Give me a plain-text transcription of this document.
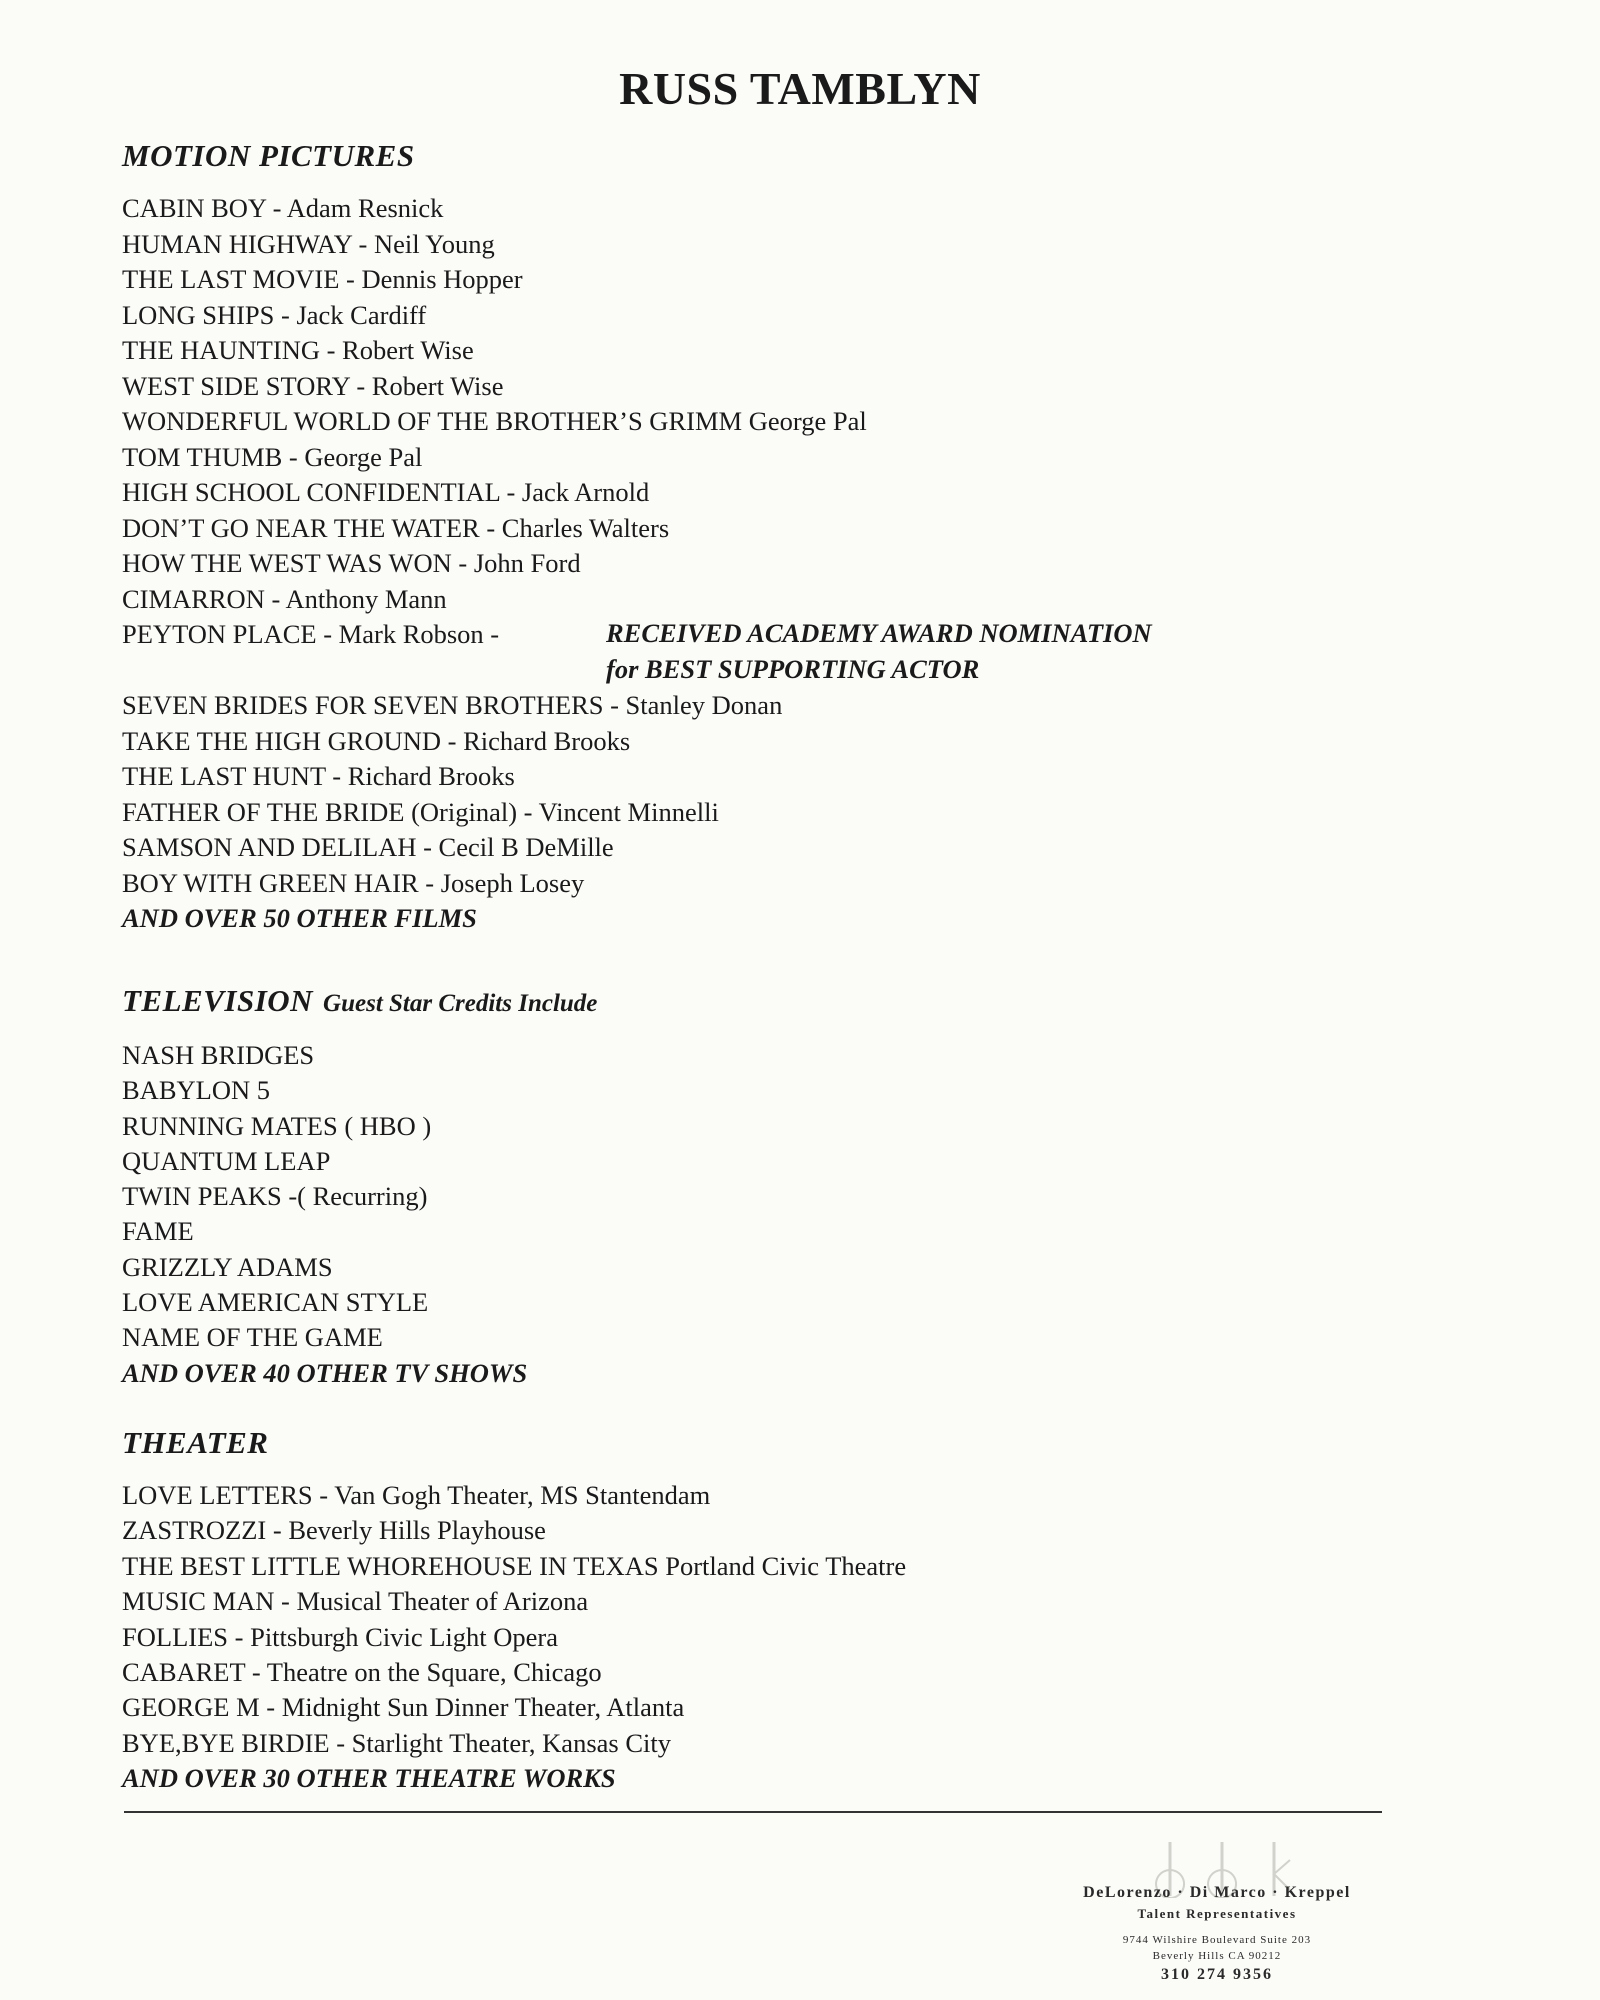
RUSS TAMBLYN
MOTION PICTURES
CABIN BOY - Adam Resnick
HUMAN HIGHWAY - Neil Young
THE LAST MOVIE - Dennis Hopper
LONG SHIPS - Jack Cardiff
THE HAUNTING - Robert Wise
WEST SIDE STORY - Robert Wise
WONDERFUL WORLD OF THE BROTHER’S GRIMM George Pal
TOM THUMB - George Pal
HIGH SCHOOL CONFIDENTIAL - Jack Arnold
DON’T GO NEAR THE WATER - Charles Walters
HOW THE WEST WAS WON - John Ford
CIMARRON - Anthony Mann
PEYTON PLACE - Mark Robson -
SEVEN BRIDES FOR SEVEN BROTHERS - Stanley Donan
TAKE THE HIGH GROUND - Richard Brooks
THE LAST HUNT - Richard Brooks
FATHER OF THE BRIDE (Original) - Vincent Minnelli
SAMSON AND DELILAH - Cecil B DeMille
BOY WITH GREEN HAIR - Joseph Losey
AND OVER 50 OTHER FILMS
RECEIVED ACADEMY AWARD NOMINATION
for BEST SUPPORTING ACTOR
TELEVISION Guest Star Credits Include
NASH BRIDGES
BABYLON 5
RUNNING MATES ( HBO )
QUANTUM LEAP
TWIN PEAKS -( Recurring)
FAME
GRIZZLY ADAMS
LOVE AMERICAN STYLE
NAME OF THE GAME
AND OVER 40 OTHER TV SHOWS
THEATER
LOVE LETTERS - Van Gogh Theater, MS Stantendam
ZASTROZZI - Beverly Hills Playhouse
THE BEST LITTLE WHOREHOUSE IN TEXAS Portland Civic Theatre
MUSIC MAN - Musical Theater of Arizona
FOLLIES - Pittsburgh Civic Light Opera
CABARET - Theatre on the Square, Chicago
GEORGE M - Midnight Sun Dinner Theater, Atlanta
BYE,BYE BIRDIE - Starlight Theater, Kansas City
AND OVER 30 OTHER THEATRE WORKS
DeLorenzo · Di Marco · Kreppel
Talent Representatives
9744 Wilshire Boulevard Suite 203
Beverly Hills CA 90212
310 274 9356
